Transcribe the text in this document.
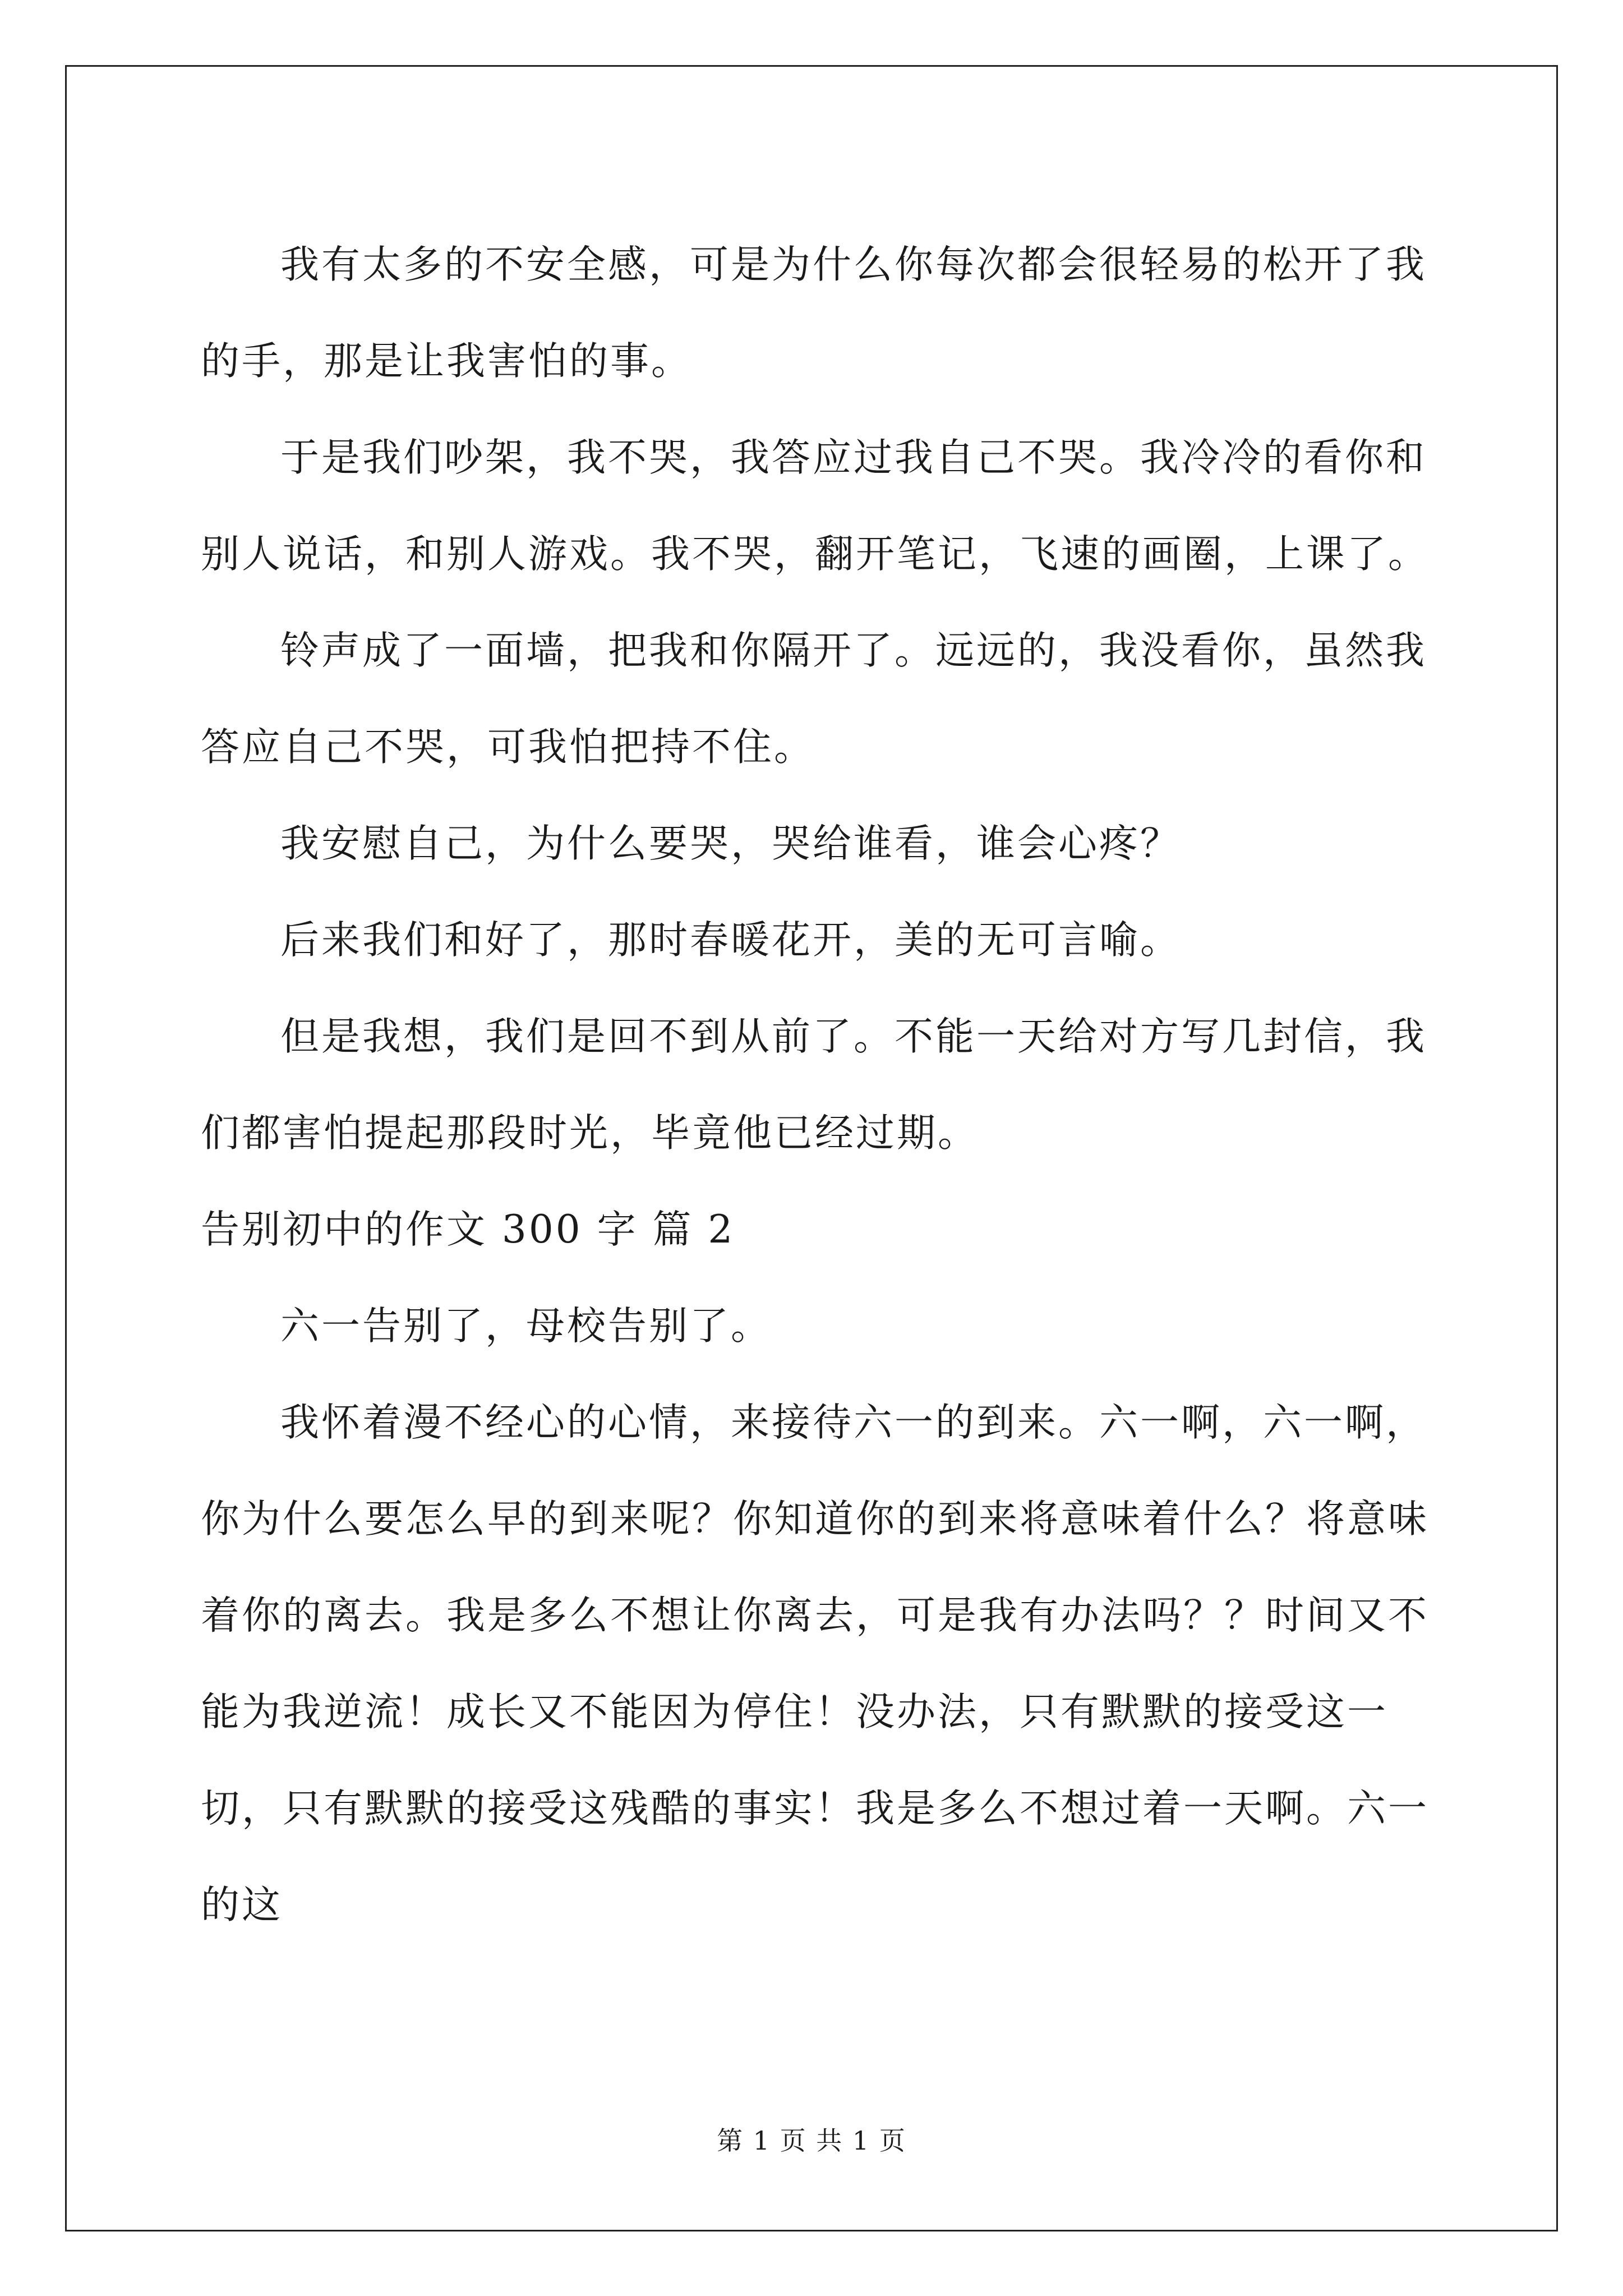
我有太多的不安全感，可是为什么你每次都会很轻易的松开了我的手，那是让我害怕的事。

于是我们吵架，我不哭，我答应过我自己不哭。我冷冷的看你和别人说话，和别人游戏。我不哭，翻开笔记，飞速的画圈，上课了。

铃声成了一面墙，把我和你隔开了。远远的，我没看你，虽然我答应自己不哭，可我怕把持不住。

我安慰自己，为什么要哭，哭给谁看，谁会心疼？

后来我们和好了，那时春暖花开，美的无可言喻。

但是我想，我们是回不到从前了。不能一天给对方写几封信，我们都害怕提起那段时光，毕竟他已经过期。

告别初中的作文 300 字 篇 2

六一告别了，母校告别了。

我怀着漫不经心的心情，来接待六一的到来。六一啊，六一啊，你为什么要怎么早的到来呢？你知道你的到来将意味着什么？将意味着你的离去。我是多么不想让你离去，可是我有办法吗？？时间又不能为我逆流！成长又不能因为停住！没办法，只有默默的接受这一切，只有默默的接受这残酷的事实！我是多么不想过着一天啊。六一的这

第 1 页 共 1 页
